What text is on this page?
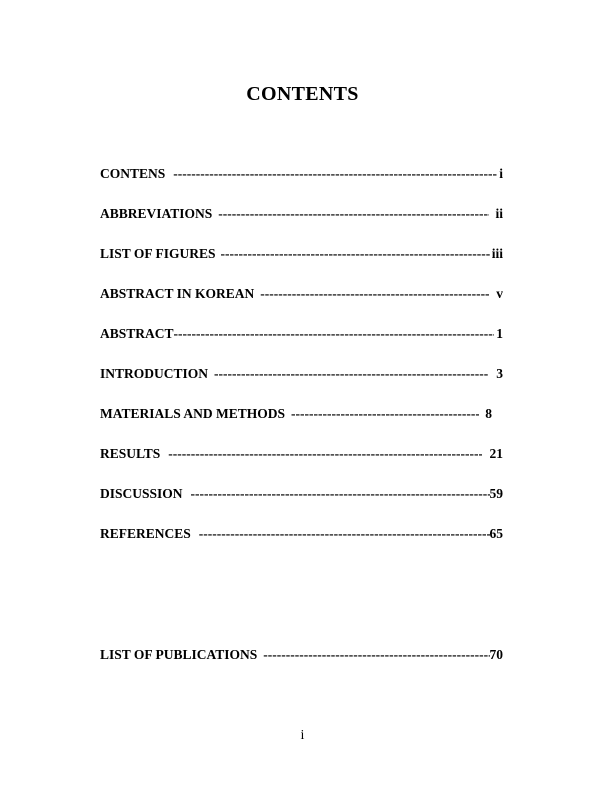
CONTENTS
CONTENS -----	i
ABBREVIATIONS -----	ii
LIST OF FIGURES -----	iii
ABSTRACT IN KOREAN -----	v
ABSTRACT -----	1
INTRODUCTION -----	3
MATERIALS AND METHODS -----	8
RESULTS -----	21
DISCUSSION -----	59
REFERENCES -----	65
LIST OF PUBLICATIONS -----	70
i
